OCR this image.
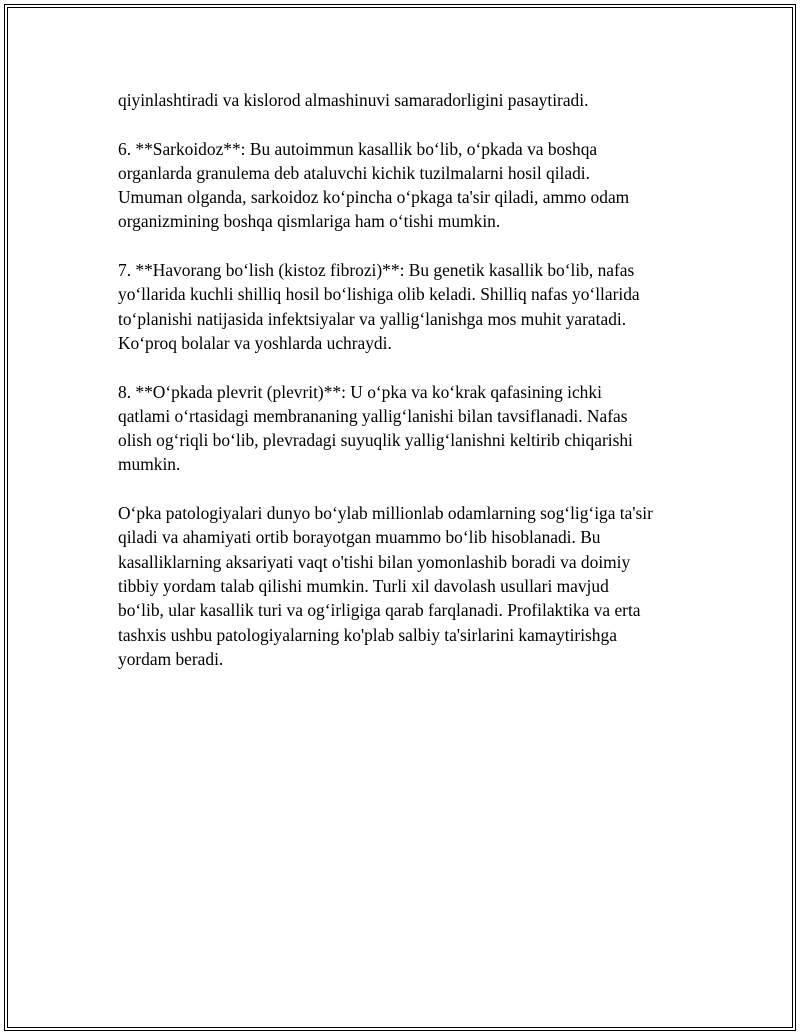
qiyinlashtiradi va kislorod almashinuvi samaradorligini pasaytiradi.

6. **Sarkoidoz**: Bu autoimmun kasallik bo‘lib, o‘pkada va boshqa
organlarda granulema deb ataluvchi kichik tuzilmalarni hosil qiladi.
Umuman olganda, sarkoidoz ko‘pincha o‘pkaga ta'sir qiladi, ammo odam
organizmining boshqa qismlariga ham o‘tishi mumkin.

7. **Havorang bo‘lish (kistoz fibrozi)**: Bu genetik kasallik bo‘lib, nafas
yo‘llarida kuchli shilliq hosil bo‘lishiga olib keladi. Shilliq nafas yo‘llarida
to‘planishi natijasida infektsiyalar va yallig‘lanishga mos muhit yaratadi.
Ko‘proq bolalar va yoshlarda uchraydi.

8. **O‘pkada plevrit (plevrit)**: U o‘pka va ko‘krak qafasining ichki
qatlami o‘rtasidagi membrananing yallig‘lanishi bilan tavsiflanadi. Nafas
olish og‘riqli bo‘lib, plevradagi suyuqlik yallig‘lanishni keltirib chiqarishi
mumkin.

O‘pka patologiyalari dunyo bo‘ylab millionlab odamlarning sog‘lig‘iga ta'sir
qiladi va ahamiyati ortib borayotgan muammo bo‘lib hisoblanadi. Bu
kasalliklarning aksariyati vaqt o'tishi bilan yomonlashib boradi va doimiy
tibbiy yordam talab qilishi mumkin. Turli xil davolash usullari mavjud
bo‘lib, ular kasallik turi va og‘irligiga qarab farqlanadi. Profilaktika va erta
tashxis ushbu patologiyalarning ko'plab salbiy ta'sirlarini kamaytirishga
yordam beradi.
